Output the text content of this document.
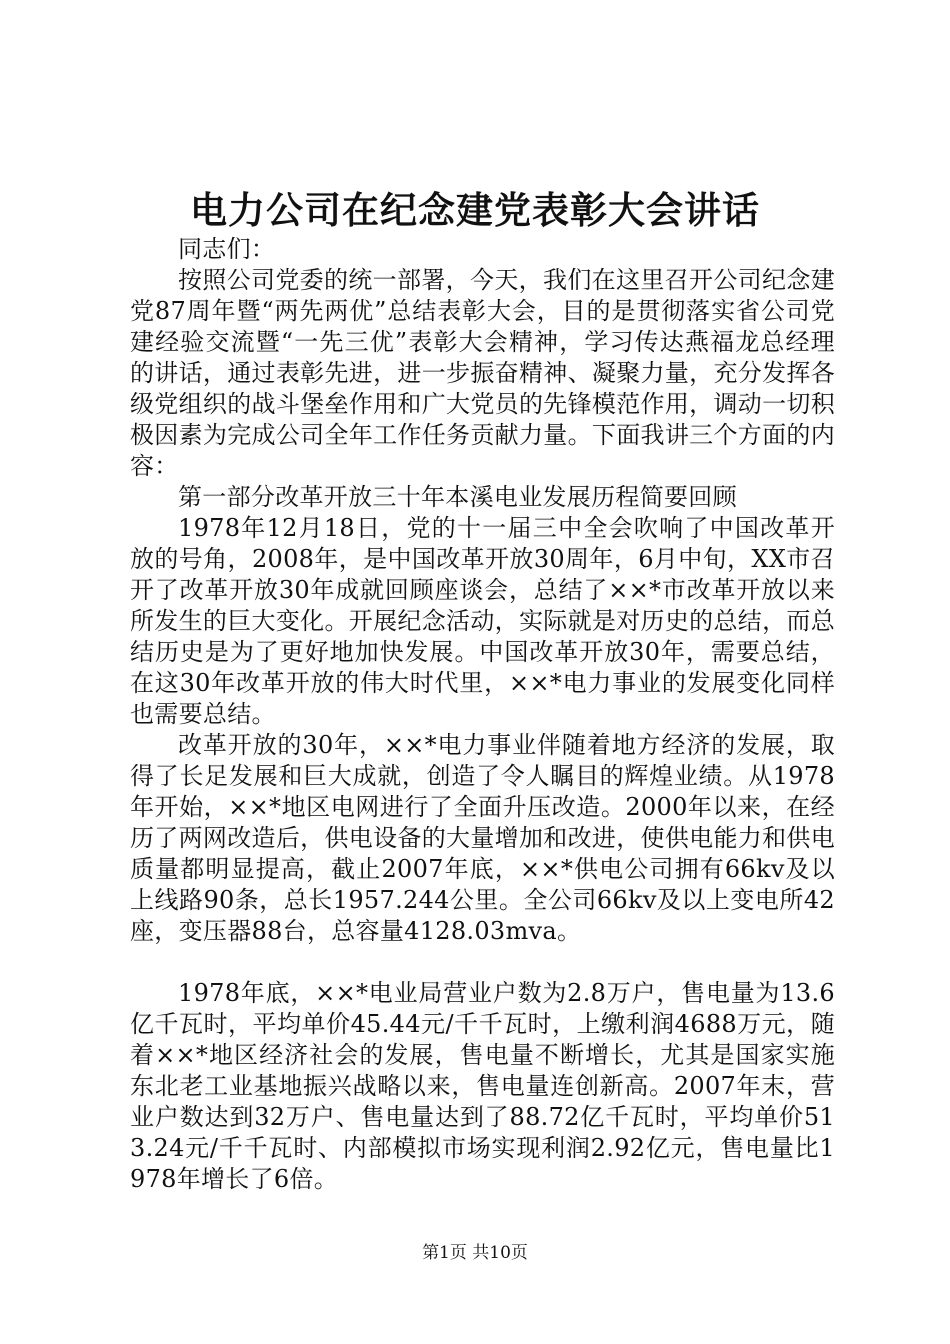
电力公司在纪念建党表彰大会讲话

同志们：

按照公司党委的统一部署，今天，我们在这里召开公司纪念建党87周年暨“两先两优”总结表彰大会，目的是贯彻落实省公司党建经验交流暨“一先三优”表彰大会精神，学习传达燕福龙总经理的讲话，通过表彰先进，进一步振奋精神、凝聚力量，充分发挥各级党组织的战斗堡垒作用和广大党员的先锋模范作用，调动一切积极因素为完成公司全年工作任务贡献力量。下面我讲三个方面的内容：

第一部分改革开放三十年本溪电业发展历程简要回顾

1978年12月18日，党的十一届三中全会吹响了中国改革开放的号角，2008年，是中国改革开放30周年，6月中旬，XX市召开了改革开放30年成就回顾座谈会，总结了××*市改革开放以来所发生的巨大变化。开展纪念活动，实际就是对历史的总结，而总结历史是为了更好地加快发展。中国改革开放30年，需要总结，在这30年改革开放的伟大时代里，××*电力事业的发展变化同样也需要总结。

改革开放的30年，××*电力事业伴随着地方经济的发展，取得了长足发展和巨大成就，创造了令人瞩目的辉煌业绩。从1978年开始，××*地区电网进行了全面升压改造。2000年以来，在经历了两网改造后，供电设备的大量增加和改进，使供电能力和供电质量都明显提高，截止2007年底，××*供电公司拥有66kv及以上线路90条，总长1957.244公里。全公司66kv及以上变电所42座，变压器88台，总容量4128.03mva。

1978年底，××*电业局营业户数为2.8万户，售电量为13.6亿千瓦时，平均单价45.44元/千千瓦时，上缴利润4688万元，随着××*地区经济社会的发展，售电量不断增长，尤其是国家实施东北老工业基地振兴战略以来，售电量连创新高。2007年末，营业户数达到32万户、售电量达到了88.72亿千瓦时，平均单价513.24元/千千瓦时、内部模拟市场实现利润2.92亿元，售电量比1978年增长了6倍。

第1页 共10页
